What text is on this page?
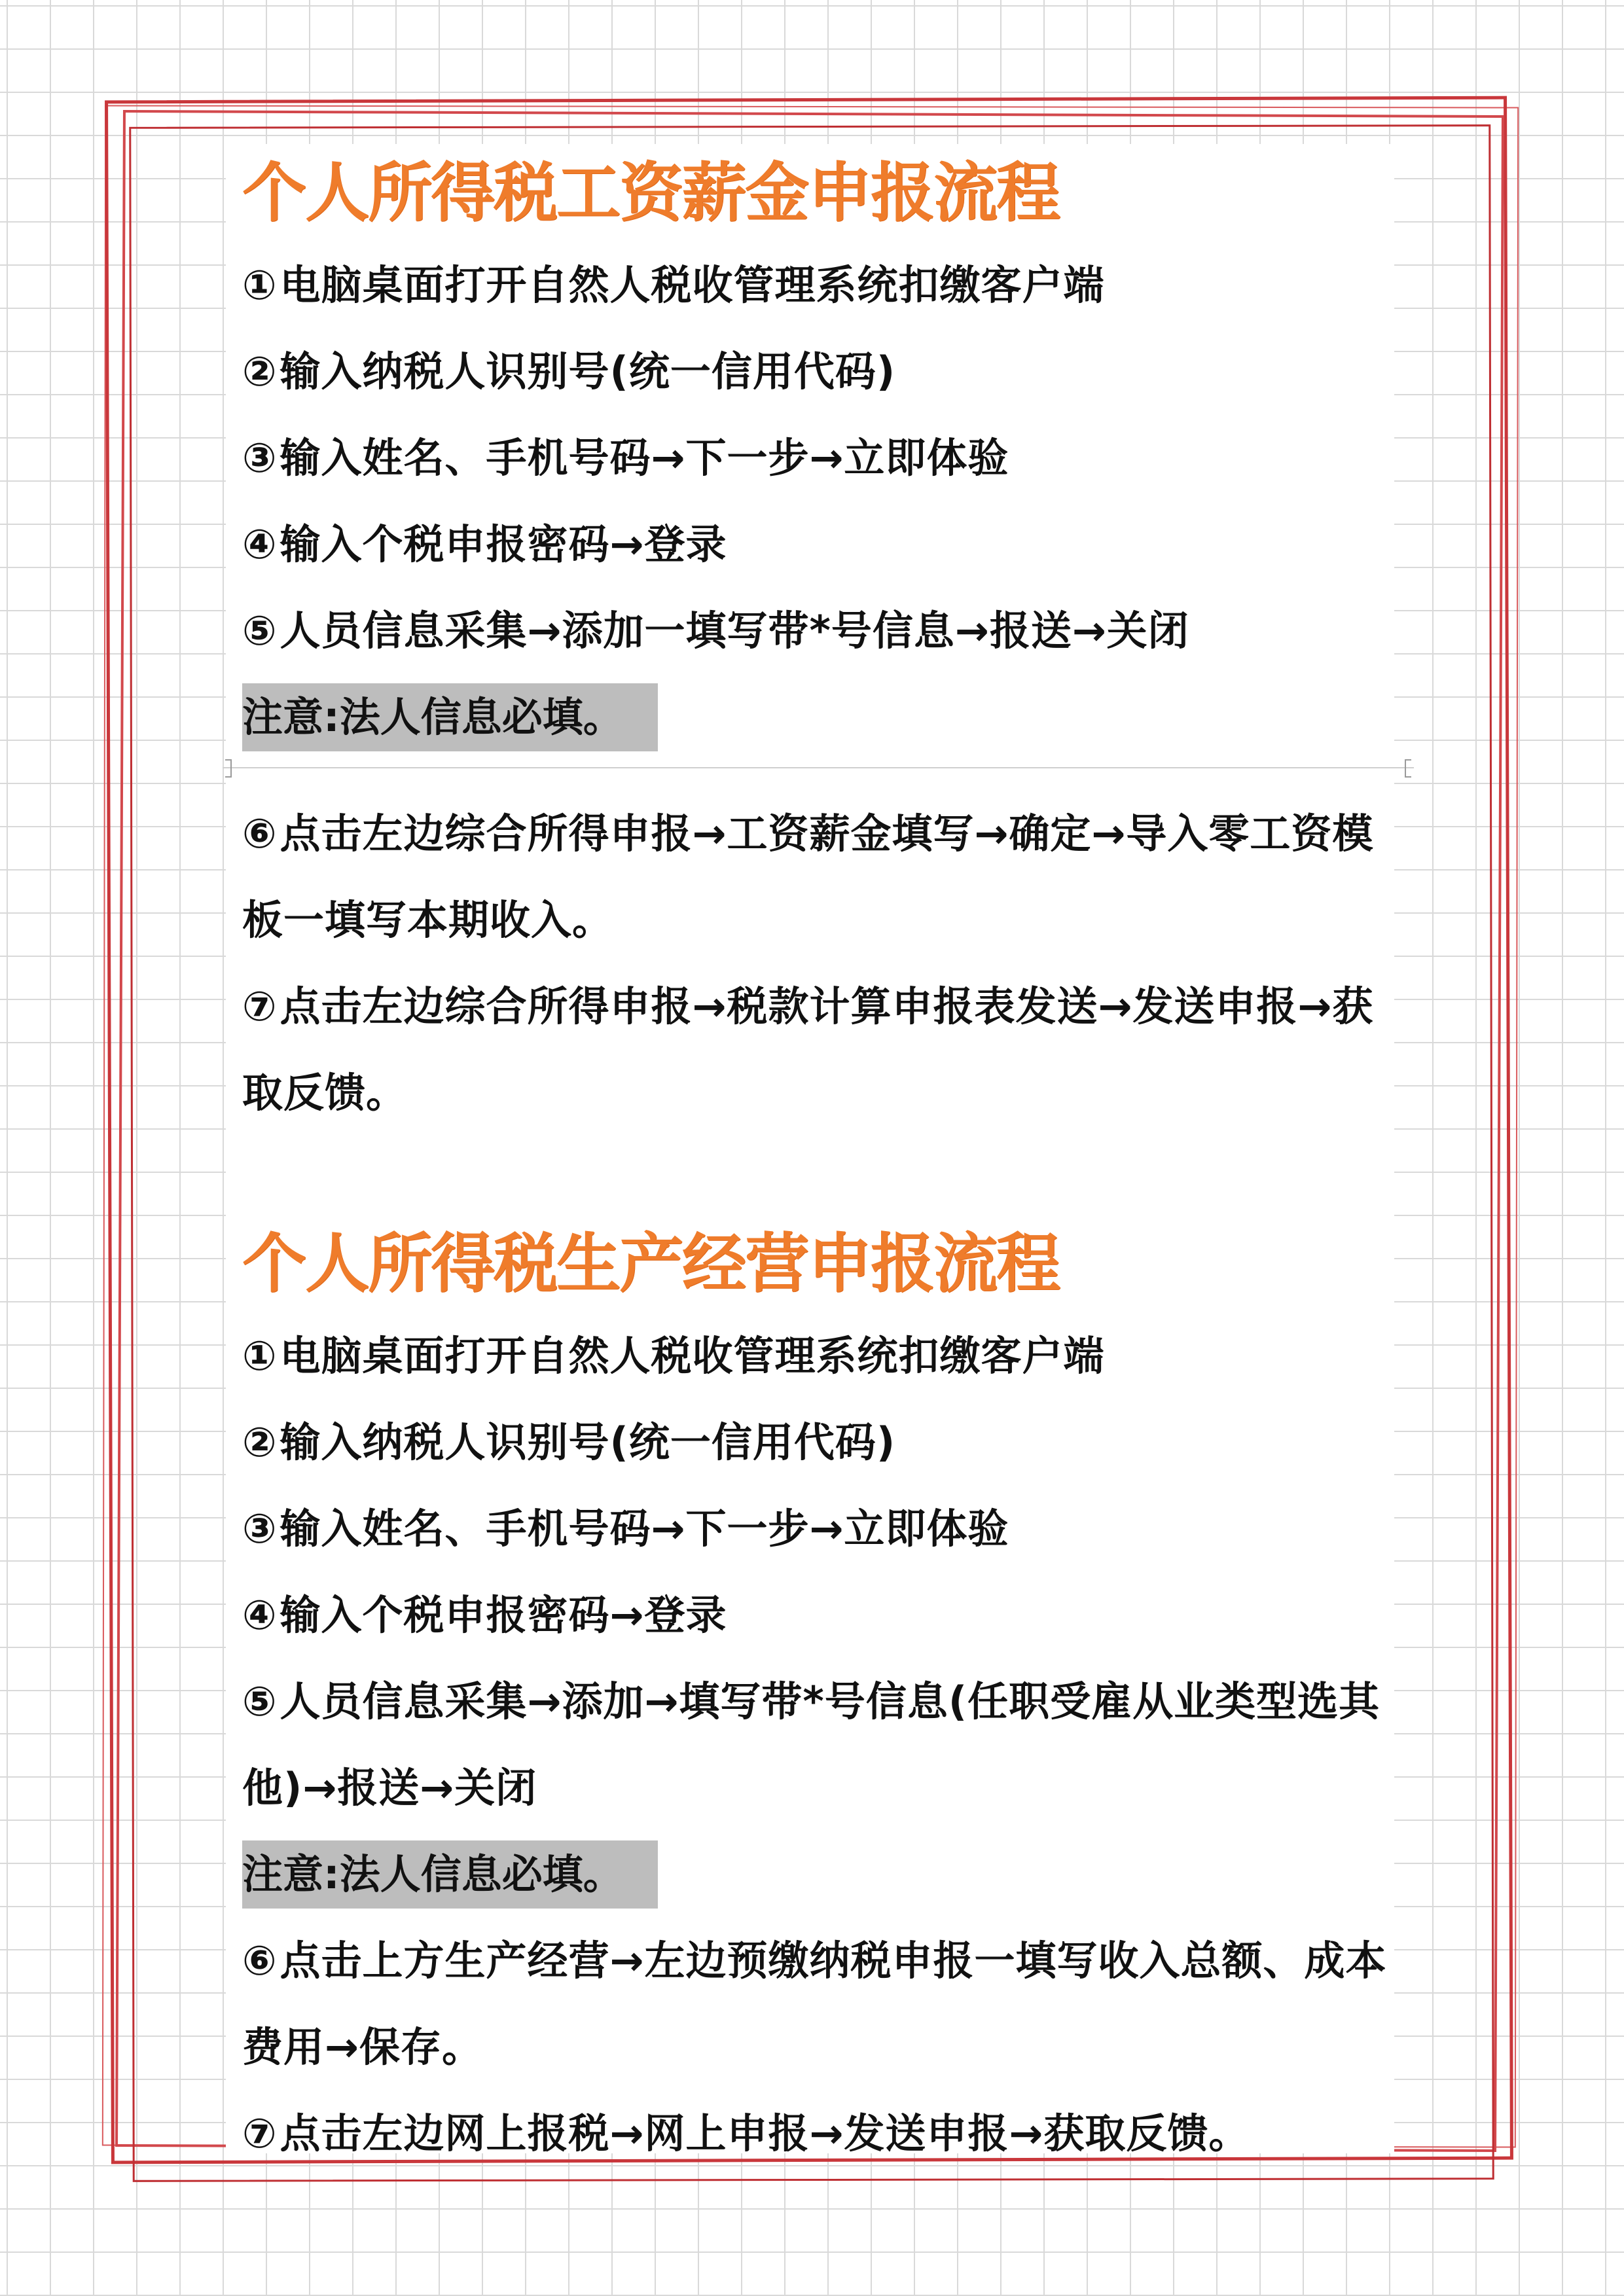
个人所得税工资薪金申报流程
①电脑桌面打开自然人税收管理系统扣缴客户端
②输入纳税人识别号(统一信用代码)
③输入姓名、手机号码→下一步→立即体验
④输入个税申报密码→登录
⑤人员信息采集→添加一填写带*号信息→报送→关闭
注意:法人信息必填。
⑥点击左边综合所得申报→工资薪金填写→确定→导入零工资模板一填写本期收入。
⑦点击左边综合所得申报→税款计算申报表发送→发送申报→获取反馈。
个人所得税生产经营申报流程
①电脑桌面打开自然人税收管理系统扣缴客户端
②输入纳税人识别号(统一信用代码)
③输入姓名、手机号码→下一步→立即体验
④输入个税申报密码→登录
⑤人员信息采集→添加→填写带*号信息(任职受雇从业类型选其他)→报送→关闭
注意:法人信息必填。
⑥点击上方生产经营→左边预缴纳税申报一填写收入总额、成本费用→保存。
⑦点击左边网上报税→网上申报→发送申报→获取反馈。
